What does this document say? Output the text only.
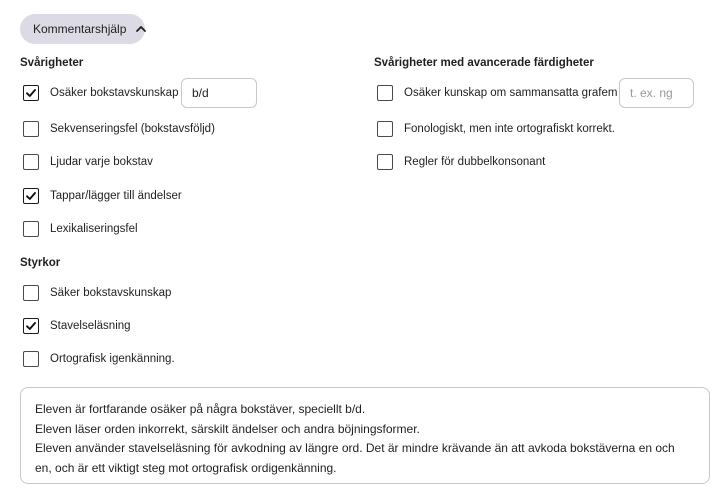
Kommentarshjälp
Svårigheter
Osäker bokstavskunskap
b/d
Sekvenseringsfel (bokstavsföljd)
Ljudar varje bokstav
Tappar/lägger till ändelser
Lexikaliseringsfel
Styrkor
Säker bokstavskunskap
Stavelseläsning
Ortografisk igenkänning.
Svårigheter med avancerade färdigheter
Osäker kunskap om sammansatta grafem
t. ex. ng
Fonologiskt, men inte ortografiskt korrekt.
Regler för dubbelkonsonant

Eleven är fortfarande osäker på några bokstäver, speciellt b/d.

Eleven läser orden inkorrekt, särskilt ändelser och andra böjningsformer.

Eleven använder stavelseläsning för avkodning av längre ord. Det är mindre krävande än att avkoda bokstäverna en och

en, och är ett viktigt steg mot ortografisk ordigenkänning.
